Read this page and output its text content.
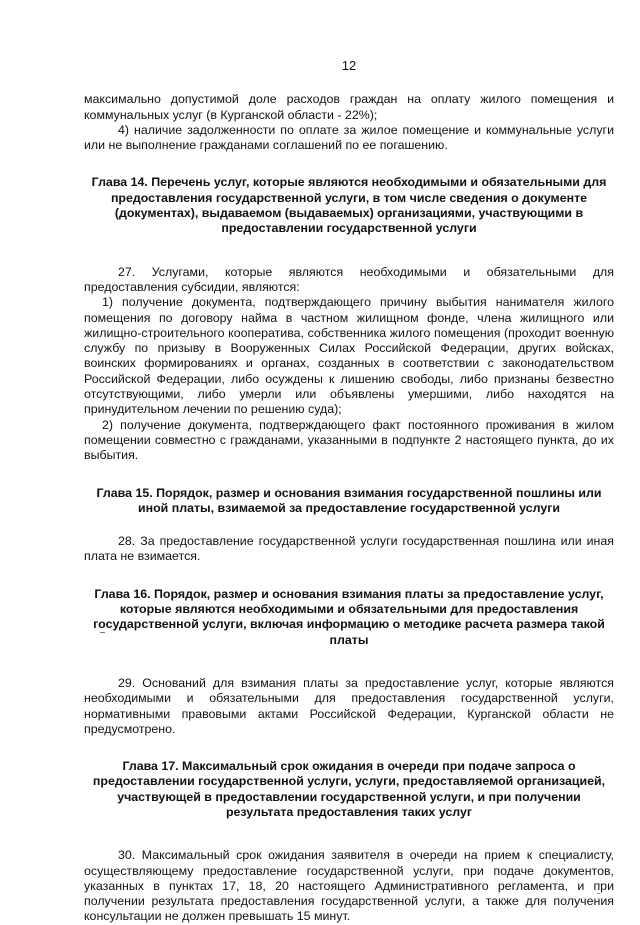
12

максимально допустимой доле расходов граждан на оплату жилого помещения и коммунальных услуг (в Курганской области - 22%);

4) наличие задолженности по оплате за жилое помещение и коммунальные услуги или не выполнение гражданами соглашений по ее погашению.

Глава 14. Перечень услуг, которые являются необходимыми и обязательными для предоставления государственной услуги, в том числе сведения о документе (документах), выдаваемом (выдаваемых) организациями, участвующими в предоставлении государственной услуги

27. Услугами, которые являются необходимыми и обязательными для предоставления субсидии, являются:

1) получение документа, подтверждающего причину выбытия нанимателя жилого помещения по договору найма в частном жилищном фонде, члена жилищного или жилищно-строительного кооператива, собственника жилого помещения (проходит военную службу по призыву в Вооруженных Силах Российской Федерации, других войсках, воинских формированиях и органах, созданных в соответствии с законодательством Российской Федерации, либо осуждены к лишению свободы, либо признаны безвестно отсутствующими, либо умерли или объявлены умершими, либо находятся на принудительном лечении по решению суда);

2) получение документа, подтверждающего факт постоянного проживания в жилом помещении совместно с гражданами, указанными в подпункте 2 настоящего пункта, до их выбытия.

Глава 15. Порядок, размер и основания взимания государственной пошлины или иной платы, взимаемой за предоставление государственной услуги

28. За предоставление государственной услуги государственная пошлина или иная плата не взимается.

Глава 16. Порядок, размер и основания взимания платы за предоставление услуг, которые являются необходимыми и обязательными для предоставления государственной услуги, включая информацию о методике расчета размера такой платы

29. Оснований для взимания платы за предоставление услуг, которые являются необходимыми и обязательными для предоставления государственной услуги, нормативными правовыми актами Российской Федерации, Курганской области не предусмотрено.

Глава 17. Максимальный срок ожидания в очереди при подаче запроса о предоставлении государственной услуги, услуги, предоставляемой организацией, участвующей в предоставлении государственной услуги, и при получении результата предоставления таких услуг

30. Максимальный срок ожидания заявителя в очереди на прием к специалисту, осуществляющему предоставление государственной услуги, при подаче документов, указанных в пунктах 17, 18, 20 настоящего Административного регламента, и при получении результата предоставления государственной услуги, а также для получения консультации не должен превышать 15 минут.
